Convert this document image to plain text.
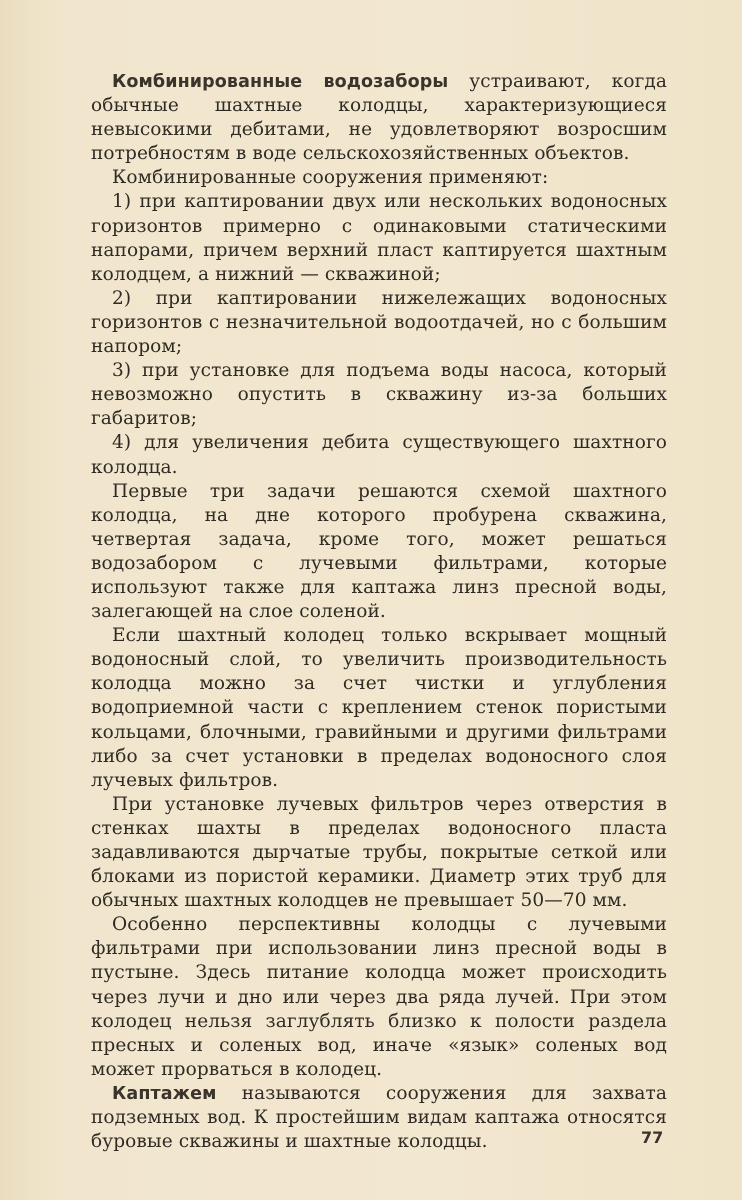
Комбинированные водозаборы устраивают, когда обычные шахтные колодцы, характеризующиеся невысокими дебитами, не удовлетворяют возросшим потребностям в воде сельскохозяйственных объектов.

Комбинированные сооружения применяют:

1) при каптировании двух или нескольких водоносных горизонтов примерно с одинаковыми статическими напорами, причем верхний пласт каптируется шахтным колодцем, а нижний — скважиной;

2) при каптировании нижележащих водоносных горизонтов с незначительной водоотдачей, но с большим напором;

3) при установке для подъема воды насоса, который невозможно опустить в скважину из-за больших габаритов;

4) для увеличения дебита существующего шахтного колодца.

Первые три задачи решаются схемой шахтного колодца, на дне которого пробурена скважина, четвертая задача, кроме того, может решаться водозабором с лучевыми фильтрами, которые используют также для каптажа линз пресной воды, залегающей на слое соленой.

Если шахтный колодец только вскрывает мощный водоносный слой, то увеличить производительность колодца можно за счет чистки и углубления водоприемной части с креплением стенок пористыми кольцами, блочными, гравийными и другими фильтрами либо за счет установки в пределах водоносного слоя лучевых фильтров.

При установке лучевых фильтров через отверстия в стенках шахты в пределах водоносного пласта задавливаются дырчатые трубы, покрытые сеткой или блоками из пористой керамики. Диаметр этих труб для обычных шахтных колодцев не превышает 50—70 мм.

Особенно перспективны колодцы с лучевыми фильтрами при использовании линз пресной воды в пустыне. Здесь питание колодца может происходить через лучи и дно или через два ряда лучей. При этом колодец нельзя заглублять близко к полости раздела пресных и соленых вод, иначе «язык» соленых вод может прорваться в колодец.

Каптажем называются сооружения для захвата подземных вод. К простейшим видам каптажа относятся буровые скважины и шахтные колодцы.	77
